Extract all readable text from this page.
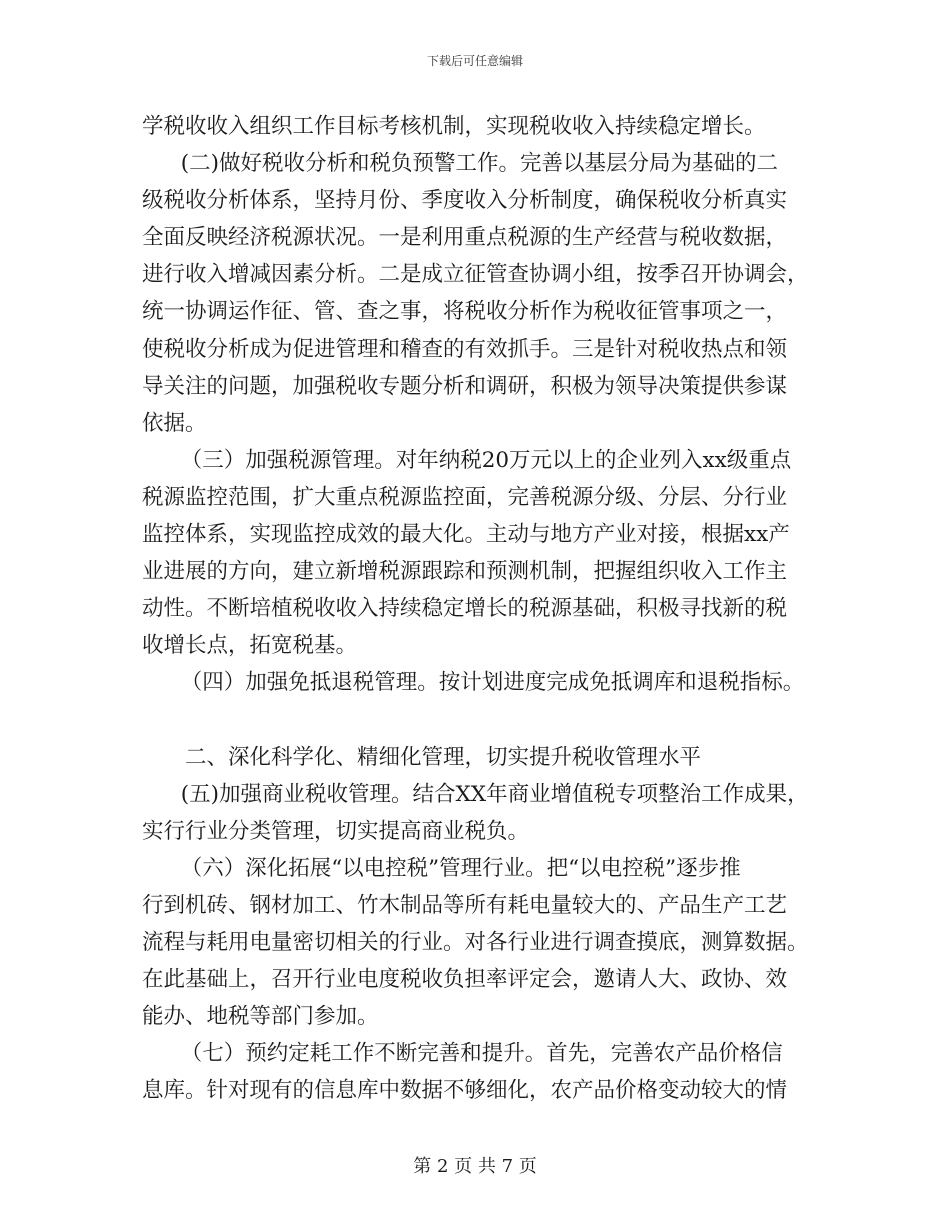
下载后可任意编辑
学税收收入组织工作目标考核机制，实现税收收入持续稳定增长。
(二)做好税收分析和税负预警工作。完善以基层分局为基础的二
级税收分析体系，坚持月份、季度收入分析制度，确保税收分析真实
全面反映经济税源状况。一是利用重点税源的生产经营与税收数据，
进行收入增减因素分析。二是成立征管查协调小组，按季召开协调会，
统一协调运作征、管、查之事，将税收分析作为税收征管事项之一，
使税收分析成为促进管理和稽查的有效抓手。三是针对税收热点和领
导关注的问题，加强税收专题分析和调研，积极为领导决策提供参谋
依据。
（三）加强税源管理。对年纳税20万元以上的企业列入xx级重点
税源监控范围，扩大重点税源监控面，完善税源分级、分层、分行业
监控体系，实现监控成效的最大化。主动与地方产业对接，根据xx产
业进展的方向，建立新增税源跟踪和预测机制，把握组织收入工作主
动性。不断培植税收收入持续稳定增长的税源基础，积极寻找新的税
收增长点，拓宽税基。
（四）加强免抵退税管理。按计划进度完成免抵调库和退税指标。
二、深化科学化、精细化管理，切实提升税收管理水平
(五)加强商业税收管理。结合XX年商业增值税专项整治工作成果，
实行行业分类管理，切实提高商业税负。
（六）深化拓展“以电控税”管理行业。把“以电控税”逐步推
行到机砖、钢材加工、竹木制品等所有耗电量较大的、产品生产工艺
流程与耗用电量密切相关的行业。对各行业进行调查摸底，测算数据。
在此基础上，召开行业电度税收负担率评定会，邀请人大、政协、效
能办、地税等部门参加。
（七）预约定耗工作不断完善和提升。首先，完善农产品价格信
息库。针对现有的信息库中数据不够细化，农产品价格变动较大的情
第 2 页 共 7 页
